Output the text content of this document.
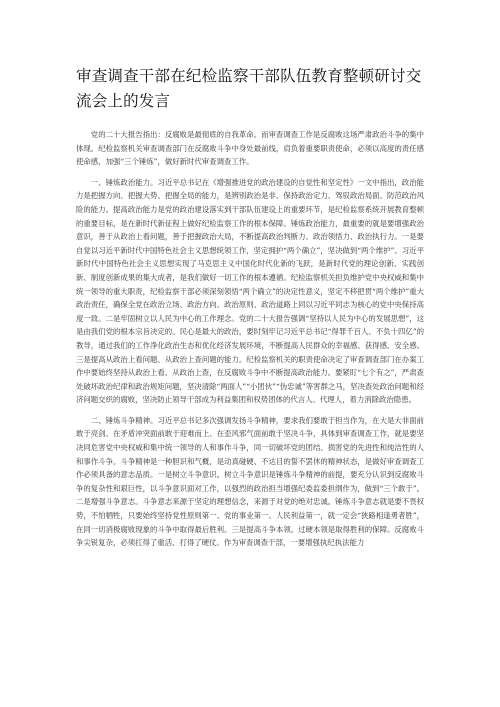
审查调查干部在纪检监察干部队伍教育整顿研讨交流会上的发言

党的二十大报告指出：反腐败是最彻底的自我革命。而审查调查工作是反腐败这场严肃政治斗争的集中体现。纪检监察机关审查调查部门在反腐败斗争中身处最前线，肩负着重要职责使命，必须以高度的责任感使命感，加强“三个锤炼”，做好新时代审查调查工作。

一、锤炼政治能力。习近平总书记在《增强推进党的政治建设的自觉性和坚定性》一文中指出，政治能力是把握方向、把握大势、把握全局的能力，是辨别政治是非、保持政治定力、驾驭政治局面、防范政治风险的能力。提高政治能力是党的政治建设落实到干部队伍建设上的重要环节，是纪检监察系统开展教育整顿的重要目标，是在新时代新征程上做好纪检监察工作的根本保障。锤炼政治能力，最重要的就是要增强政治意识，善于从政治上看问题，善于把握政治大局，不断提高政治判断力、政治领悟力、政治执行力。一是要自觉以习近平新时代中国特色社会主义思想统领工作，坚定拥护“两个确立”，坚决做到“两个维护”。习近平新时代中国特色社会主义思想实现了马克思主义中国化时代化新的飞跃，是新时代党的理论创新、实践创新、制度创新成果的集大成者，是我们做好一切工作的根本遵循。纪检监察机关担负维护党中央权威和集中统一领导的重大职责，纪检监察干部必须深刻领悟“两个确立”的决定性意义，坚定不移把贯“两个维护”重大政治责任，确保全党在政治立场、政治方向、政治原则、政治道路上同以习近平同志为核心的党中央保持高度一致。二是牢固树立以人民为中心的工作理念。党的二十大报告强调“坚持以人民为中心的发展思想”，这是由我们党的根本宗旨决定的。民心是最大的政治，要时刻牢记习近平总书记“得罪千百人、不负十四亿”的教导，通过我们的工作净化政治生态和优化经济发展环境，不断提高人民群众的幸福感、获得感、安全感。三是提高从政治上看问题、从政治上查问题的能力。纪检监察机关的职责使命决定了审查调查部门在办案工作中要始终坚持从政治上看、从政治上查，在反腐败斗争中不断提高政治能力。要紧盯“七个有之”，严肃查处破坏政治纪律和政治规矩问题，坚决清除“两面人”“小团伙”“伪忠诚”等害群之马，坚决查处政治问题和经济问题交织的腐败，坚决防止领导干部成为利益集团和权势团体的代言人、代理人，着力消除政治隐患。

二、锤炼斗争精神。习近平总书记多次强调发扬斗争精神，要求我们要敢于担当作为，在大是大非面前敢于亮剑、在矛盾冲突面前敢于迎难而上、在歪风邪气面前敢于坚决斗争，具体到审查调查工作，就是要坚决同危害党中央权威和集中统一领导的人和事作斗争，同一切破坏党的团结、损害党的先进性和纯洁性的人和事作斗争。斗争精神是一种胆识和气概，是动真碰硬、不达目的誓不罢休的精神状态，是做好审查调查工作必须具备的意志品质。一是树立斗争意识。树立斗争意识是锤炼斗争精神的前提，要充分认识到反腐败斗争的复杂性和艰巨性，以斗争意识面对工作，以强烈的政治担当增强纪委监委担纲作为，做到“三个敢于”。二是增强斗争意志。斗争意志来源于坚定的理想信念，来源于对党的绝对忠诚。锤炼斗争意志就是要不畏权势，不怕牺牲，只要始终坚持党性原则第一、党的事业第一、人民利益第一，就一定会“狭路相逢勇者胜”，在同一切消极腐败现象的斗争中取得最后胜利。三是提高斗争本领。过硬本领是取得胜利的保障。反腐败斗争尖锐复杂，必须扛得了重活、打得了硬仗。作为审查调查干部，一要增强执纪执法能力
